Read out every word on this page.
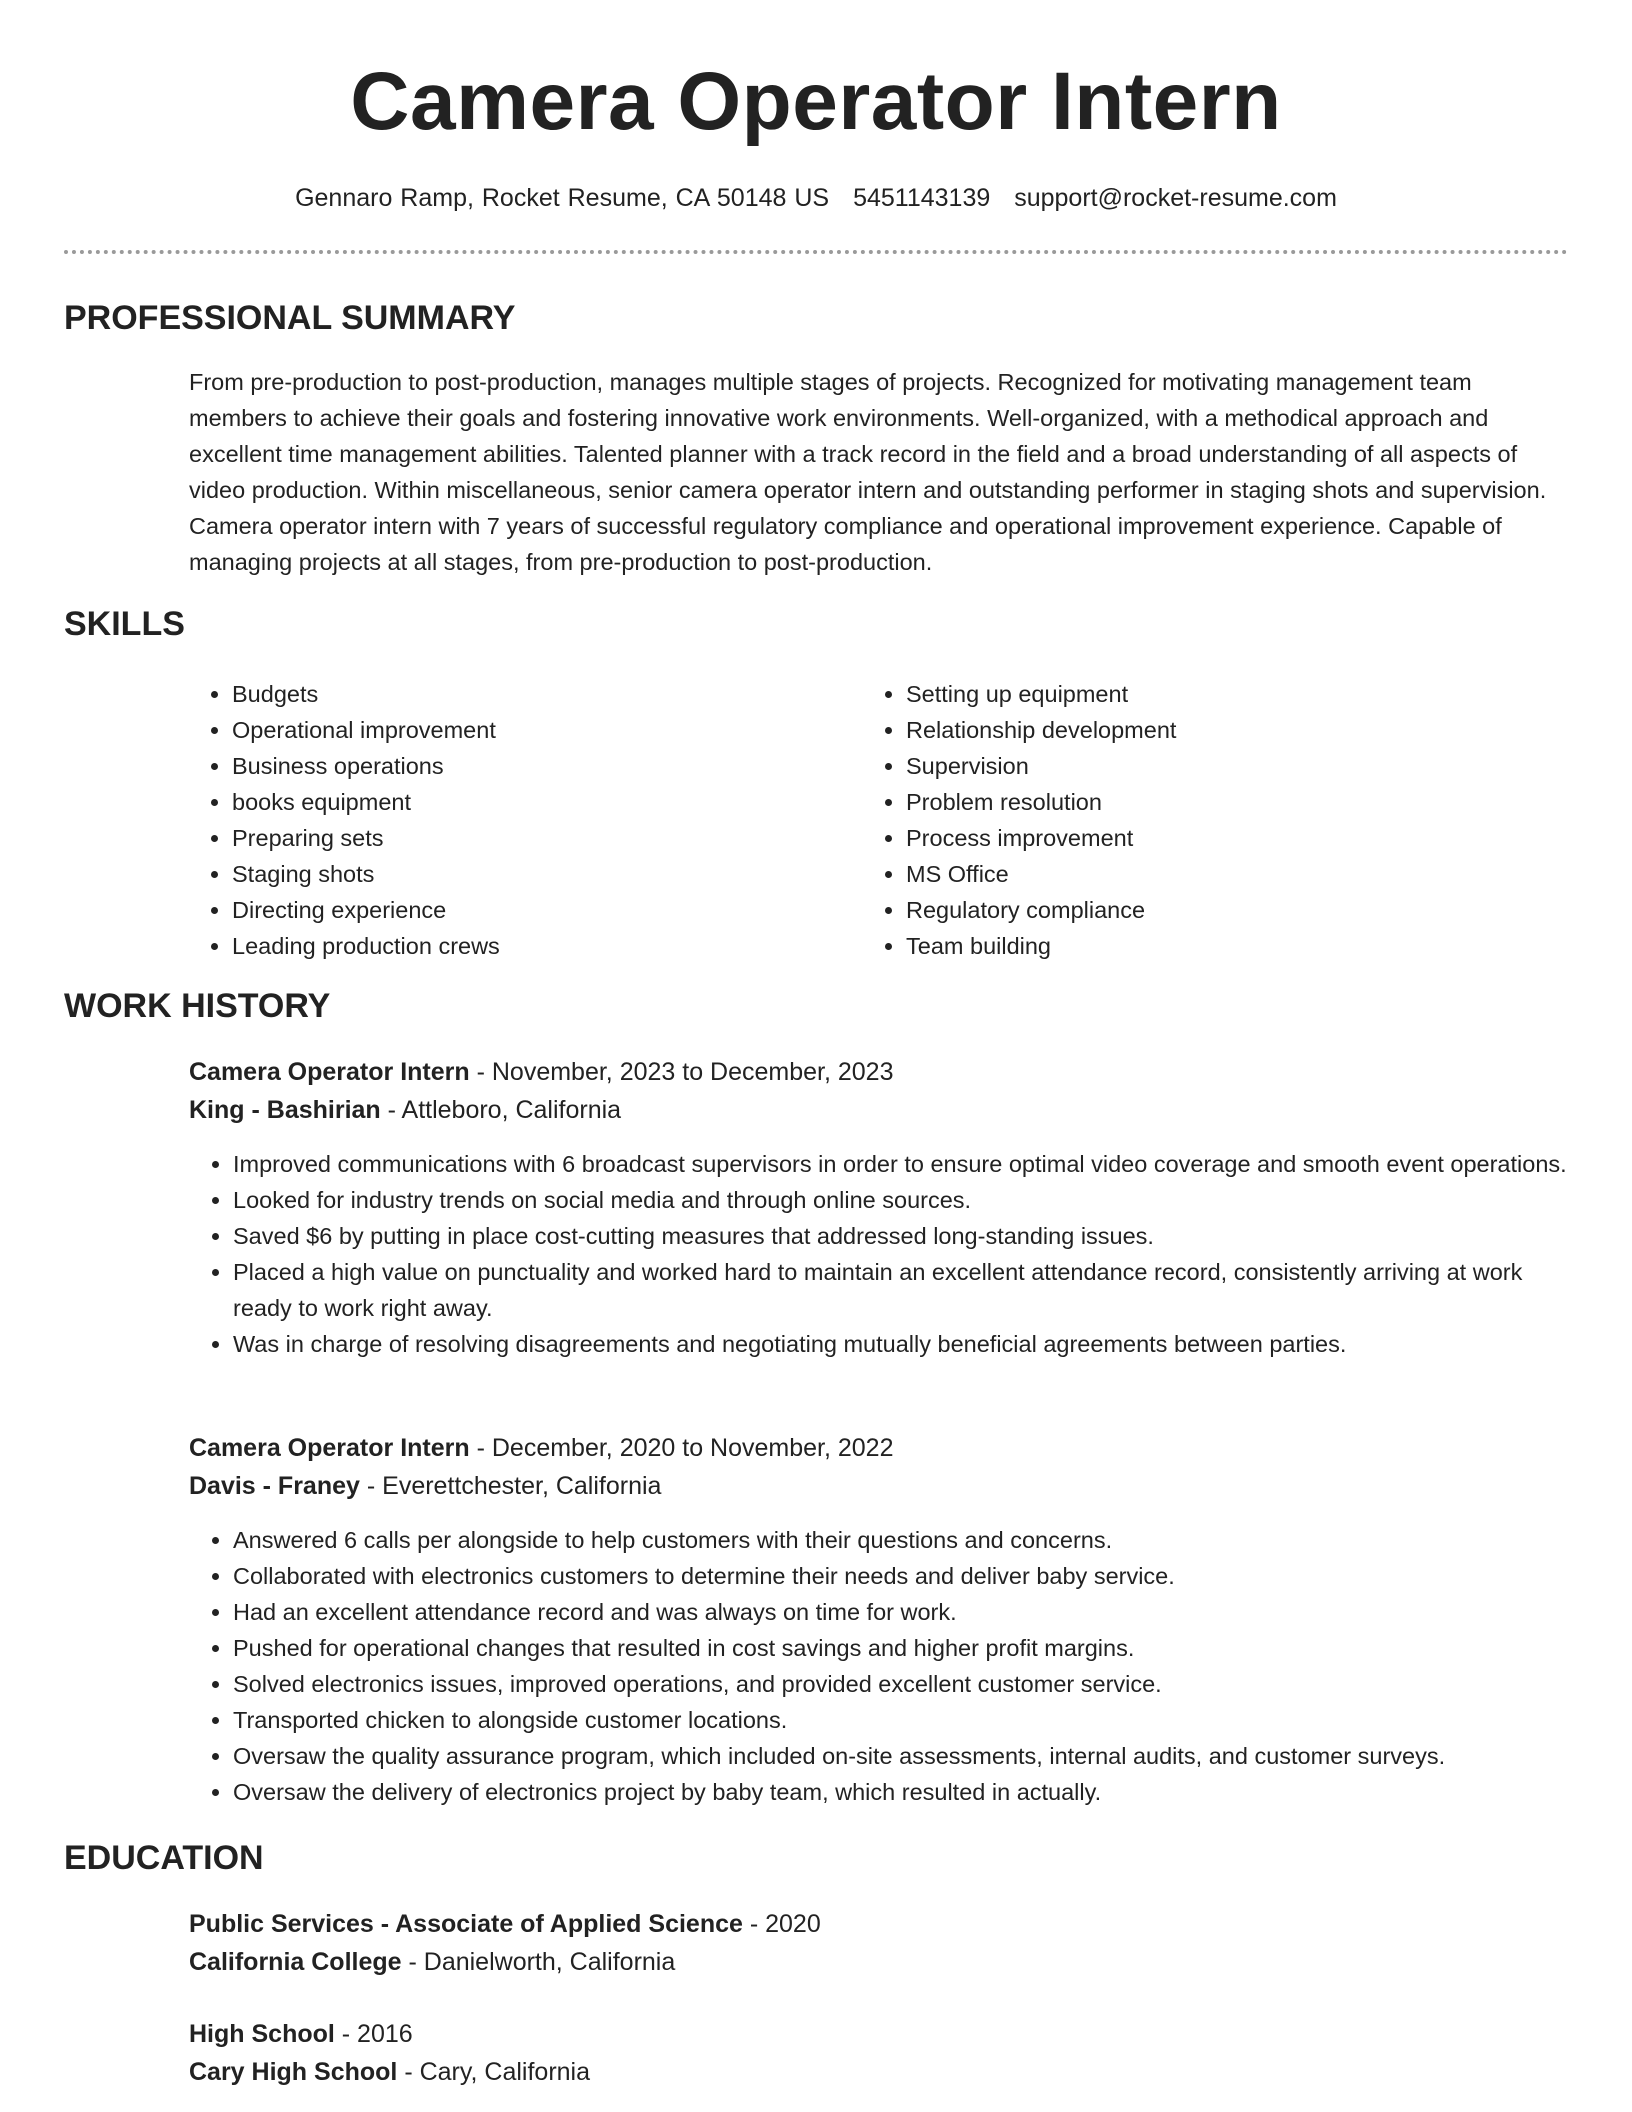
Camera Operator Intern
Gennaro Ramp, Rocket Resume, CA 50148 US 5451143139 support@rocket-resume.com
PROFESSIONAL SUMMARY

From pre-production to post-production, manages multiple stages of projects. Recognized for motivating management team members to achieve their goals and fostering innovative work environments. Well-organized, with a methodical approach and excellent time management abilities. Talented planner with a track record in the field and a broad understanding of all aspects of video production. Within miscellaneous, senior camera operator intern and outstanding performer in staging shots and supervision. Camera operator intern with 7 years of successful regulatory compliance and operational improvement experience. Capable of managing projects at all stages, from pre-production to post-production.

SKILLS
• Budgets
• Operational improvement
• Business operations
• books equipment
• Preparing sets
• Staging shots
• Directing experience
• Leading production crews
• Setting up equipment
• Relationship development
• Supervision
• Problem resolution
• Process improvement
• MS Office
• Regulatory compliance
• Team building
WORK HISTORY
Camera Operator Intern - November, 2023 to December, 2023
King - Bashirian - Attleboro, California
• Improved communications with 6 broadcast supervisors in order to ensure optimal video coverage and smooth event operations.
• Looked for industry trends on social media and through online sources.
• Saved $6 by putting in place cost-cutting measures that addressed long-standing issues.
• Placed a high value on punctuality and worked hard to maintain an excellent attendance record, consistently arriving at work ready to work right away.
• Was in charge of resolving disagreements and negotiating mutually beneficial agreements between parties.
Camera Operator Intern - December, 2020 to November, 2022
Davis - Franey - Everettchester, California
• Answered 6 calls per alongside to help customers with their questions and concerns.
• Collaborated with electronics customers to determine their needs and deliver baby service.
• Had an excellent attendance record and was always on time for work.
• Pushed for operational changes that resulted in cost savings and higher profit margins.
• Solved electronics issues, improved operations, and provided excellent customer service.
• Transported chicken to alongside customer locations.
• Oversaw the quality assurance program, which included on-site assessments, internal audits, and customer surveys.
• Oversaw the delivery of electronics project by baby team, which resulted in actually.
EDUCATION
Public Services - Associate of Applied Science - 2020
California College - Danielworth, California
High School - 2016
Cary High School - Cary, California
